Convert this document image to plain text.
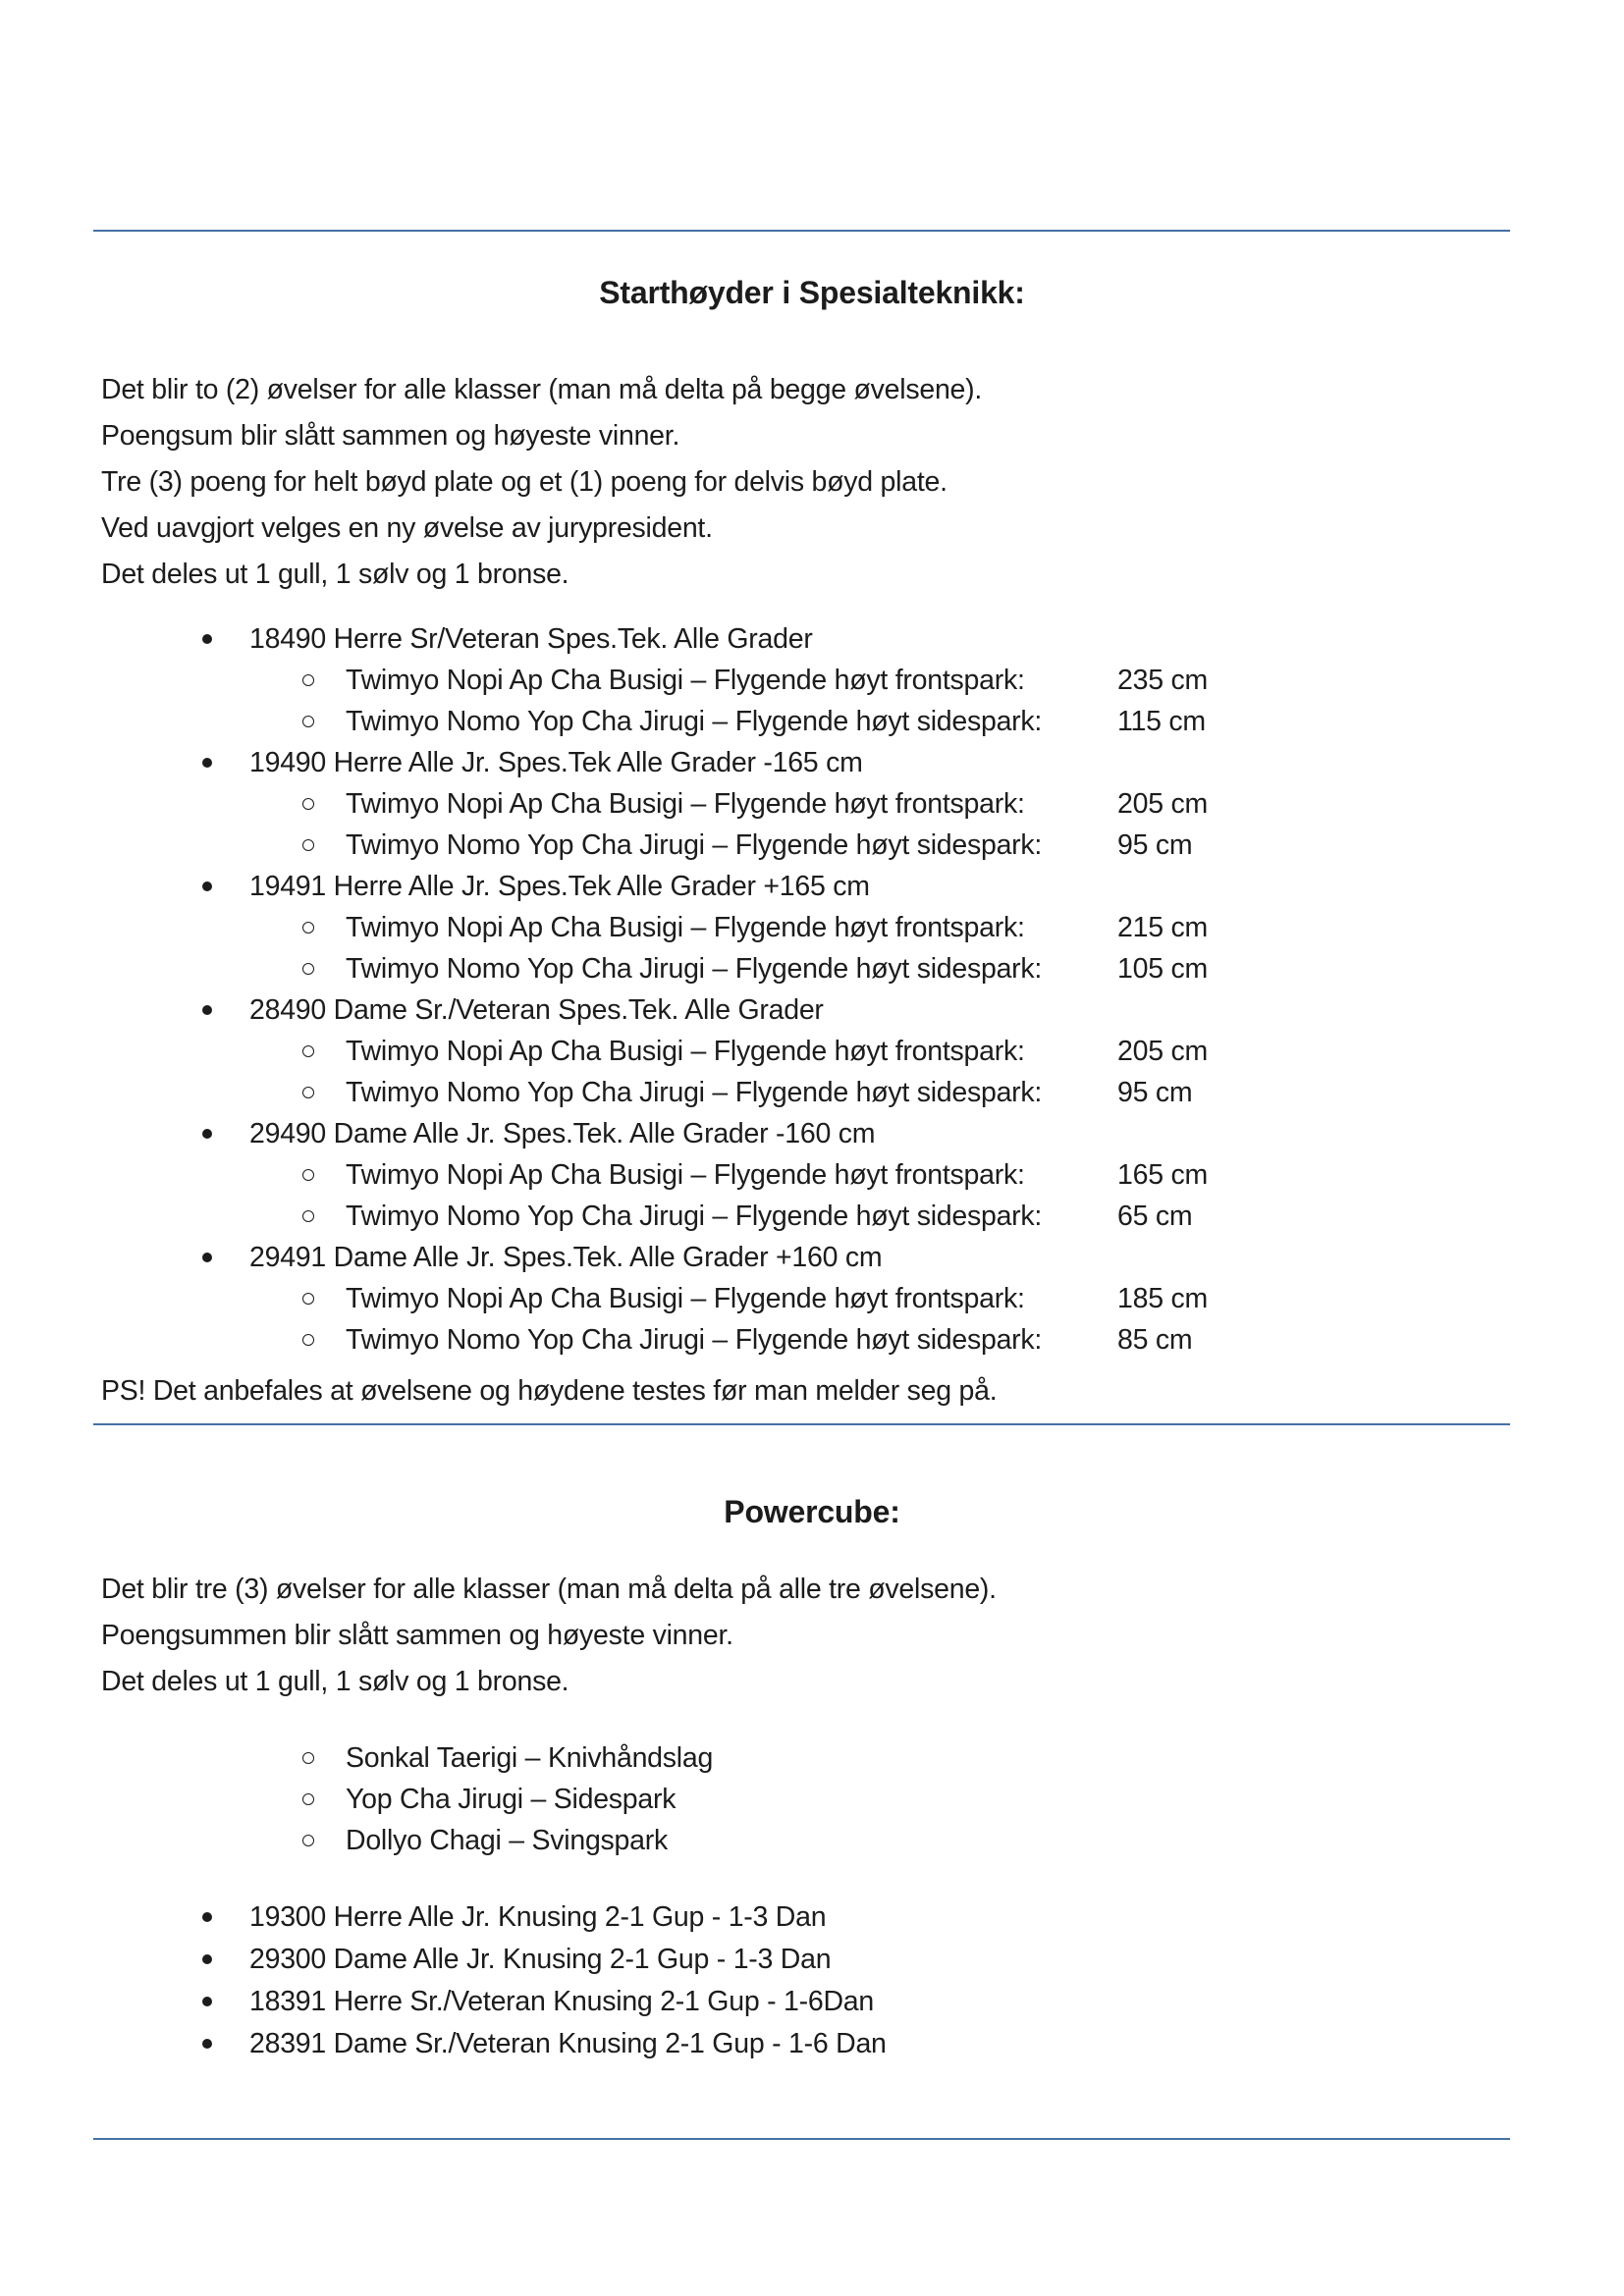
Starthøyder i Spesialteknikk:
Det blir to (2) øvelser for alle klasser (man må delta på begge øvelsene).
Poengsum blir slått sammen og høyeste vinner.
Tre (3) poeng for helt bøyd plate og et (1) poeng for delvis bøyd plate.
Ved uavgjort velges en ny øvelse av jurypresident.
Det deles ut 1 gull, 1 sølv og 1 bronse.
18490 Herre Sr/Veteran Spes.Tek. Alle Grader
Twimyo Nopi Ap Cha Busigi – Flygende høyt frontspark:	235 cm
Twimyo Nomo Yop Cha Jirugi – Flygende høyt sidespark:	115 cm
19490 Herre Alle Jr. Spes.Tek Alle Grader -165 cm
Twimyo Nopi Ap Cha Busigi – Flygende høyt frontspark:	205 cm
Twimyo Nomo Yop Cha Jirugi – Flygende høyt sidespark:	95 cm
19491 Herre Alle Jr. Spes.Tek Alle Grader +165 cm
Twimyo Nopi Ap Cha Busigi – Flygende høyt frontspark:	215 cm
Twimyo Nomo Yop Cha Jirugi – Flygende høyt sidespark:	105 cm
28490 Dame Sr./Veteran Spes.Tek. Alle Grader
Twimyo Nopi Ap Cha Busigi – Flygende høyt frontspark:	205 cm
Twimyo Nomo Yop Cha Jirugi – Flygende høyt sidespark:	95 cm
29490 Dame Alle Jr. Spes.Tek. Alle Grader -160 cm
Twimyo Nopi Ap Cha Busigi – Flygende høyt frontspark:	165 cm
Twimyo Nomo Yop Cha Jirugi – Flygende høyt sidespark:	65 cm
29491 Dame Alle Jr. Spes.Tek. Alle Grader +160 cm
Twimyo Nopi Ap Cha Busigi – Flygende høyt frontspark:	185 cm
Twimyo Nomo Yop Cha Jirugi – Flygende høyt sidespark:	85 cm
PS! Det anbefales at øvelsene og høydene testes før man melder seg på.
Powercube:
Det blir tre (3) øvelser for alle klasser (man må delta på alle tre øvelsene).
Poengsummen blir slått sammen og høyeste vinner.
Det deles ut 1 gull, 1 sølv og 1 bronse.
Sonkal Taerigi – Knivhåndslag
Yop Cha Jirugi – Sidespark
Dollyo Chagi – Svingspark
19300 Herre Alle Jr. Knusing 2-1 Gup - 1-3 Dan
29300 Dame Alle Jr. Knusing 2-1 Gup - 1-3 Dan
18391 Herre Sr./Veteran Knusing 2-1 Gup - 1-6Dan
28391 Dame Sr./Veteran Knusing 2-1 Gup - 1-6 Dan
